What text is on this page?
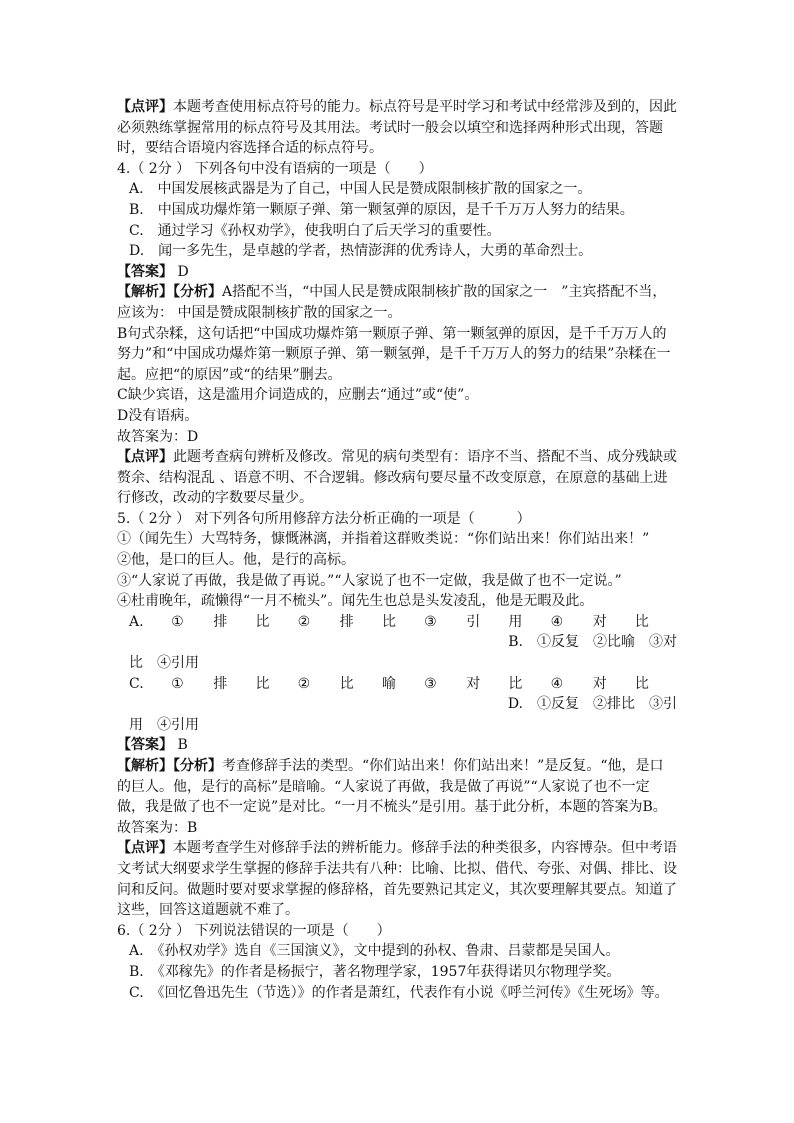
【点评】本题考查使用标点符号的能力。标点符号是平时学习和考试中经常涉及到的，因此必须熟练掌握常用的标点符号及其用法。考试时一般会以填空和选择两种形式出现，答题时，要结合语境内容选择合适的标点符号。

4.（ 2分 ） 下列各句中没有语病的一项是（　　）

A.　中国发展核武器是为了自己，中国人民是赞成限制核扩散的国家之一。

B.　中国成功爆炸第一颗原子弹、第一颗氢弹的原因，是千千万万人努力的结果。

C.　通过学习《孙权劝学》，使我明白了后天学习的重要性。

D.　闻一多先生，是卓越的学者，热情澎湃的优秀诗人，大勇的革命烈士。

【答案】 D

【解析】【分析】A搭配不当，“中国人民是赞成限制核扩散的国家之一　”主宾搭配不当，应该为： 中国是赞成限制核扩散的国家之一。

B句式杂糅，这句话把“中国成功爆炸第一颗原子弹、第一颗氢弹的原因，是千千万万人的努力”和“中国成功爆炸第一颗原子弹、第一颗氢弹，是千千万万人的努力的结果”杂糅在一起。应把“的原因”或“的结果”删去。

C缺少宾语，这是滥用介词造成的，应删去“通过”或“使”。

D没有语病。

故答案为：D

【点评】此题考查病句辨析及修改。常见的病句类型有：语序不当、搭配不当、成分残缺或赘余、结构混乱 、语意不明、不合逻辑。修改病句要尽量不改变原意，在原意的基础上进行修改，改动的字数要尽量少。

5.（ 2分 ） 对下列各句所用修辞方法分析正确的一项是（　　　）

①（闻先生）大骂特务，慷慨淋漓，并指着这群败类说：“你们站出来！你们站出来！”

②他，是口的巨人。他，是行的高标。

③“人家说了再做，我是做了再说。”“人家说了也不一定做，我是做了也不一定说。”

④杜甫晚年，疏懒得“一月不梳头”。闻先生也总是头发凌乱，他是无暇及此。

A.	①	排	比	②	排	比	③	引	用	④	对	比

B.　①反复　②比喻　③对

比　④引用

C.	①	排	比	②	比	喻	③	对	比	④	对	比

D.　①反复　②排比　③引

用　④引用

【答案】 B

【解析】【分析】考查修辞手法的类型。“你们站出来！你们站出来！”是反复。“他，是口的巨人。他，是行的高标”是暗喻。“人家说了再做，我是做了再说”“人家说了也不一定做，我是做了也不一定说”是对比。“一月不梳头”是引用。基于此分析，本题的答案为B。

故答案为：B

【点评】本题考查学生对修辞手法的辨析能力。修辞手法的种类很多，内容博杂。但中考语文考试大纲要求学生掌握的修辞手法共有八种：比喻、比拟、借代、夸张、对偶、排比、设问和反问。做题时要对要求掌握的修辞格，首先要熟记其定义，其次要理解其要点。知道了这些，回答这道题就不难了。

6.（ 2分 ） 下列说法错误的一项是（　　）

A.　《孙权劝学》选自《三国演义》，文中提到的孙权、鲁肃、吕蒙都是吴国人。

B.　《邓稼先》的作者是杨振宁，著名物理学家，1957年获得诺贝尔物理学奖。

C.　《回忆鲁迅先生（节选）》的作者是萧红，代表作有小说《呼兰河传》《生死场》等。
